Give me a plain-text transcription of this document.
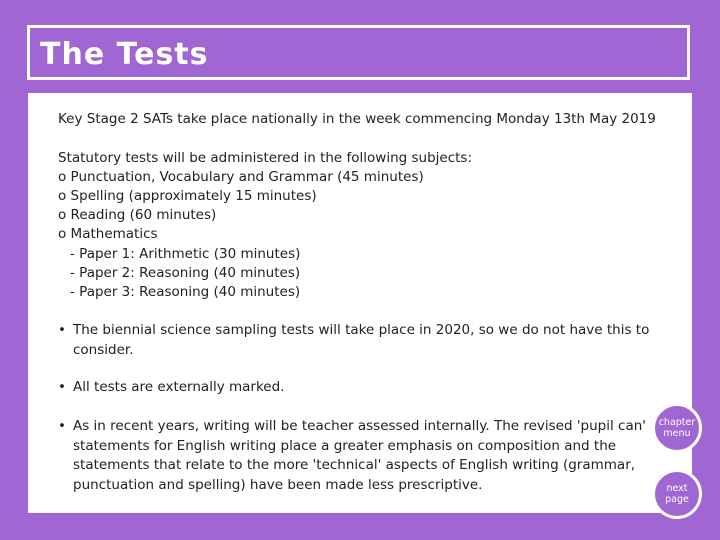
The Tests
Key Stage 2 SATs take place nationally in the week commencing Monday 13th May 2019
Statutory tests will be administered in the following subjects:
o Punctuation, Vocabulary and Grammar (45 minutes)
o Spelling (approximately 15 minutes)
o Reading (60 minutes)
o Mathematics
- Paper 1: Arithmetic (30 minutes)
- Paper 2: Reasoning (40 minutes)
- Paper 3: Reasoning (40 minutes)
• The biennial science sampling tests will take place in 2020, so we do not have this to consider.
• All tests are externally marked.
• As in recent years, writing will be teacher assessed internally. The revised 'pupil can' statements for English writing place a greater emphasis on composition and the statements that relate to the more 'technical' aspects of English writing (grammar, punctuation and spelling) have been made less prescriptive.
chapter menu
next page
